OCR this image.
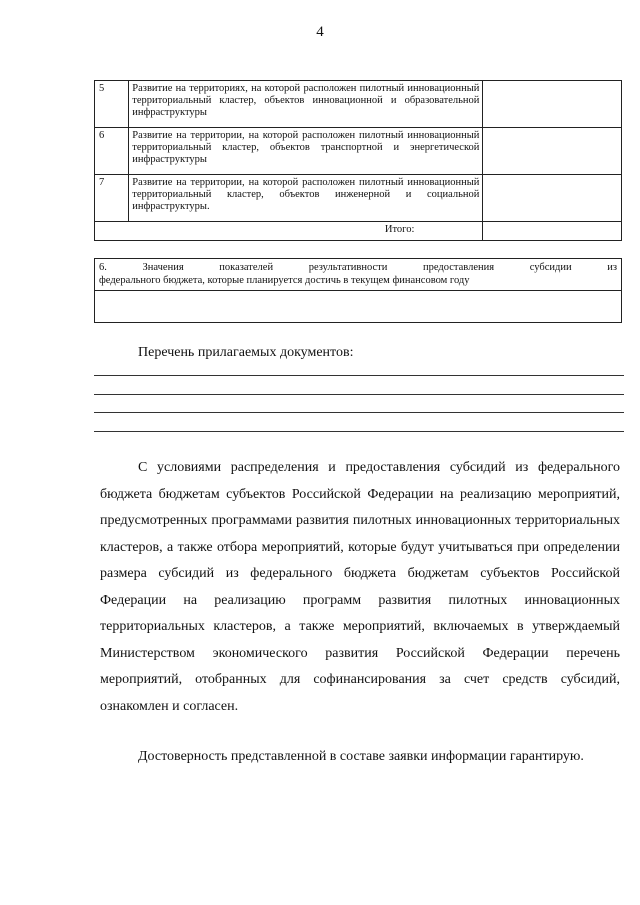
4
5	Развитие на территориях, на которой расположен пилотный инновационный территориальный кластер, объектов инновационной и образовательной инфраструктуры	
6	Развитие на территории, на которой расположен пилотный инновационный территориальный кластер, объектов транспортной и энергетической инфраструктуры	
7	Развитие на территории, на которой расположен пилотный инновационный территориальный кластер, объектов инженерной и социальной инфраструктуры.	
Итого:		
6.	Значения	показателей	результативности	предоставления	субсидии	из
федерального бюджета, которые планируется достичь в текущем финансовом году
Перечень прилагаемых документов:
С условиями распределения и предоставления субсидий из федерального бюджета бюджетам субъектов Российской Федерации на реализацию мероприятий, предусмотренных программами развития пилотных инновационных территориальных кластеров, а также отбора мероприятий, которые будут учитываться при определении размера субсидий из федерального бюджета бюджетам субъектов Российской Федерации на реализацию программ развития пилотных инновационных территориальных кластеров, а также мероприятий, включаемых в утверждаемый Министерством экономического развития Российской Федерации перечень мероприятий, отобранных для софинансирования за счет средств субсидий, ознакомлен и согласен.
Достоверность представленной в составе заявки информации гарантирую.
